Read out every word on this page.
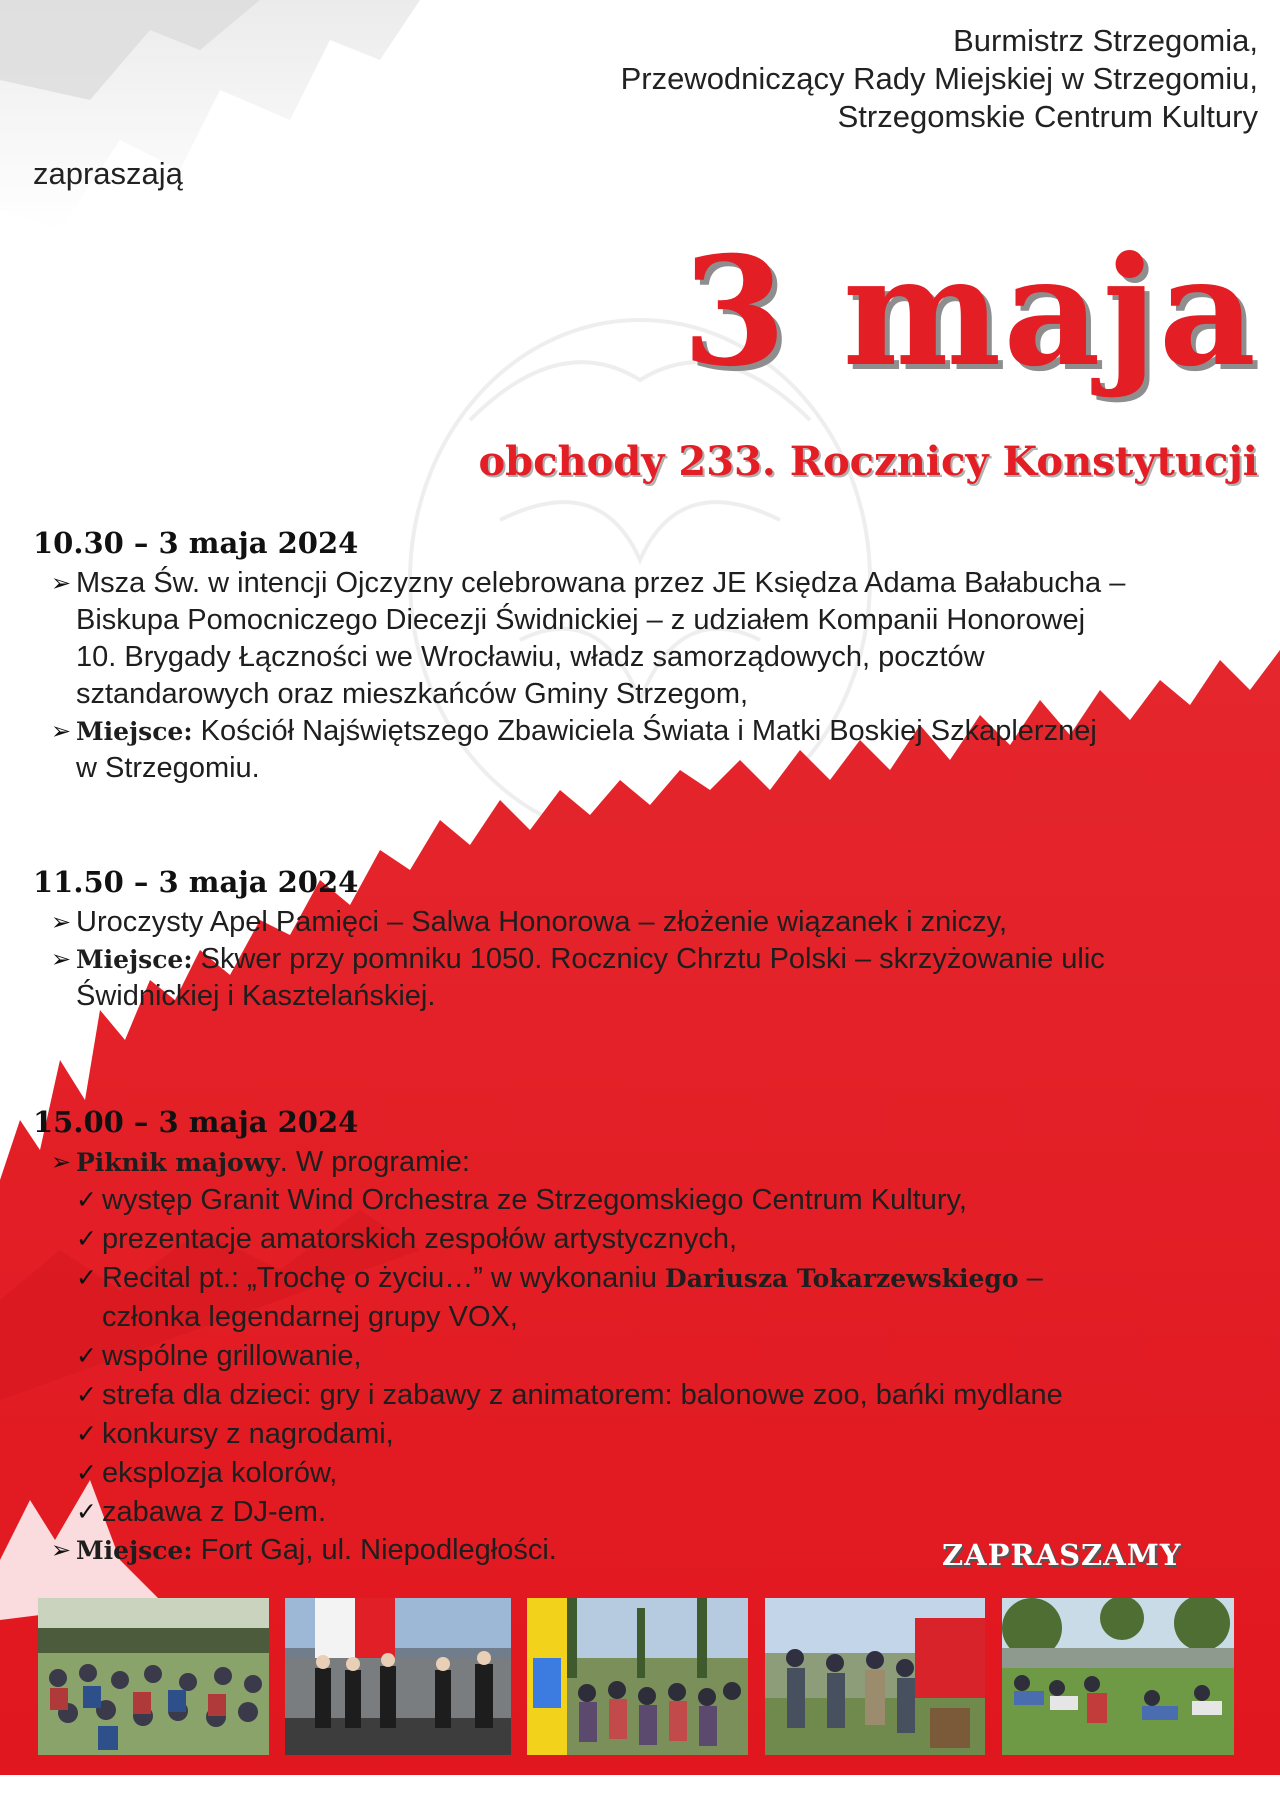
Burmistrz Strzegomia,
Przewodniczący Rady Miejskiej w Strzegomiu,
Strzegomskie Centrum Kultury
zapraszają
3 maja
obchody 233. Rocznicy Konstytucji
10.30 – 3 maja 2024
➢ Msza Św. w intencji Ojczyzny celebrowana przez JE Księdza Adama Bałabucha –
Biskupa Pomocniczego Diecezji Świdnickiej – z udziałem Kompanii Honorowej
10. Brygady Łączności we Wrocławiu, władz samorządowych, pocztów
sztandarowych oraz mieszkańców Gminy Strzegom,
➢ Miejsce: Kościół Najświętszego Zbawiciela Świata i Matki Boskiej Szkaplerznej
w Strzegomiu.
11.50 – 3 maja 2024
➢ Uroczysty Apel Pamięci – Salwa Honorowa – złożenie wiązanek i zniczy,
➢ Miejsce: Skwer przy pomniku 1050. Rocznicy Chrztu Polski – skrzyżowanie ulic
Świdnickiej i Kasztelańskiej.
15.00 – 3 maja 2024
➢ Piknik majowy. W programie:
✓ występ Granit Wind Orchestra ze Strzegomskiego Centrum Kultury,
✓ prezentacje amatorskich zespołów artystycznych,
✓ Recital pt.: „Trochę o życiu…” w wykonaniu Dariusza Tokarzewskiego –
członka legendarnej grupy VOX,
✓ wspólne grillowanie,
✓ strefa dla dzieci: gry i zabawy z animatorem: balonowe zoo, bańki mydlane
✓ konkursy z nagrodami,
✓ eksplozja kolorów,
✓ zabawa z DJ-em.
➢ Miejsce: Fort Gaj, ul. Niepodległości.	ZAPRASZAMY
